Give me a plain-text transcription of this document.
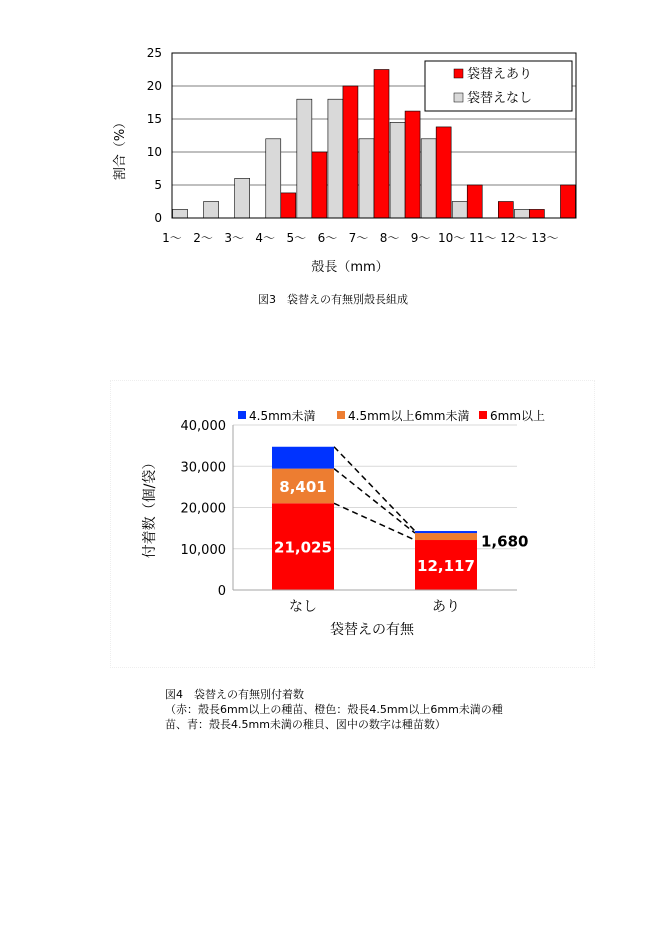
0
5
10
15
20
25
1～ 2～ 3～ 4～ 5～ 6～ 7～ 8～ 9～ 10～ 11～ 12～ 13～
割合（%）
殻長（mm）
袋替えあり
袋替えなし
図3　袋替えの有無別殻長組成
0
10,000
20,000
30,000
40,000
なし	あり
21,025
8,401
12,117
1,680
付着数（個/袋）
袋替えの有無
4.5mm未満	4.5mm以上6mm未満 6mm以上
図4　袋替えの有無別付着数
（赤：殻長6mm以上の種苗、橙色：殻長4.5mm以上6mm未満の種
苗、青：殻長4.5mm未満の稚貝、図中の数字は種苗数）
